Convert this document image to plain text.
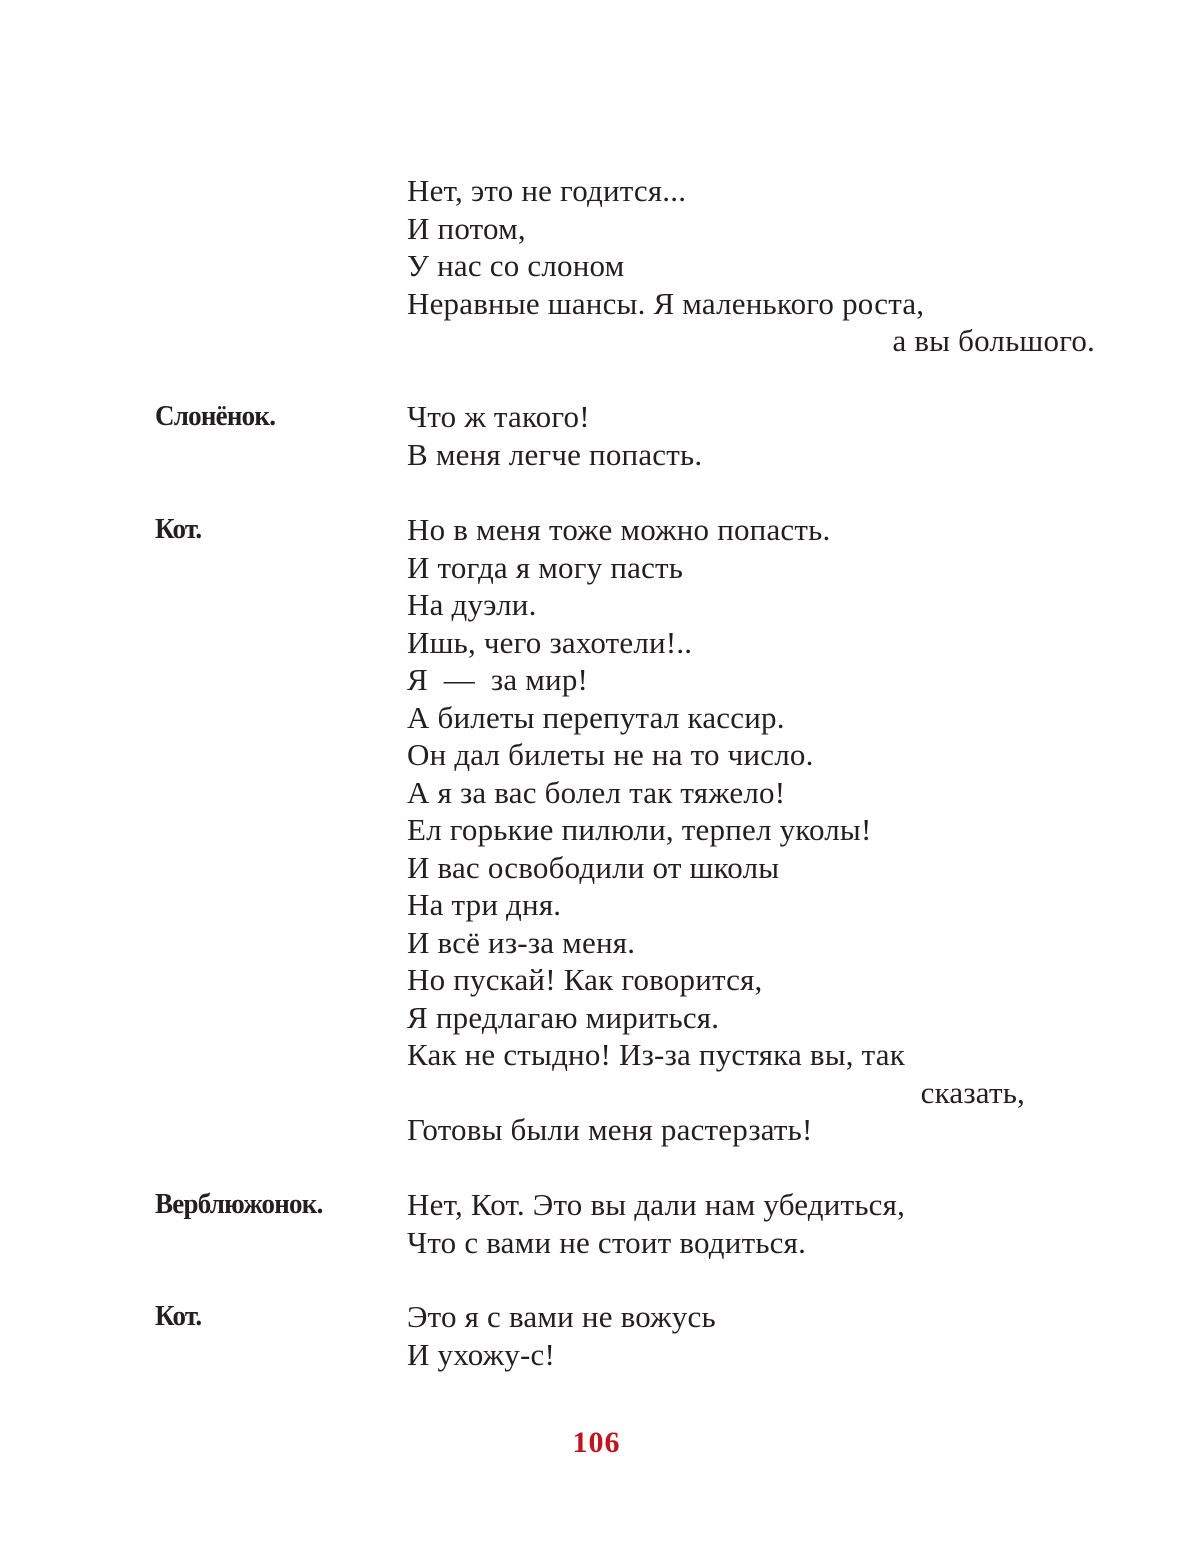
Нет, это не годится...
И потом,
У нас со слоном
Неравные шансы. Я маленького роста,
а вы большого.
Слонёнок.	Что ж такого!
В меня легче попасть.
Кот.	Но в меня тоже можно попасть.
И тогда я могу пасть
На дуэли.
Ишь, чего захотели!..
Я  —  за мир!
А билеты перепутал кассир.
Он дал билеты не на то число.
А я за вас болел так тяжело!
Ел горькие пилюли, терпел уколы!
И вас освободили от школы
На три дня.
И всё из-за меня.
Но пускай! Как говорится,
Я предлагаю мириться.
Как не стыдно! Из-за пустяка вы, так
сказать,
Готовы были меня растерзать!
Верблюжонок.	Нет, Кот. Это вы дали нам убедиться,
Что с вами не стоит водиться.
Кот.	Это я с вами не вожусь
И ухожу-с!
106
